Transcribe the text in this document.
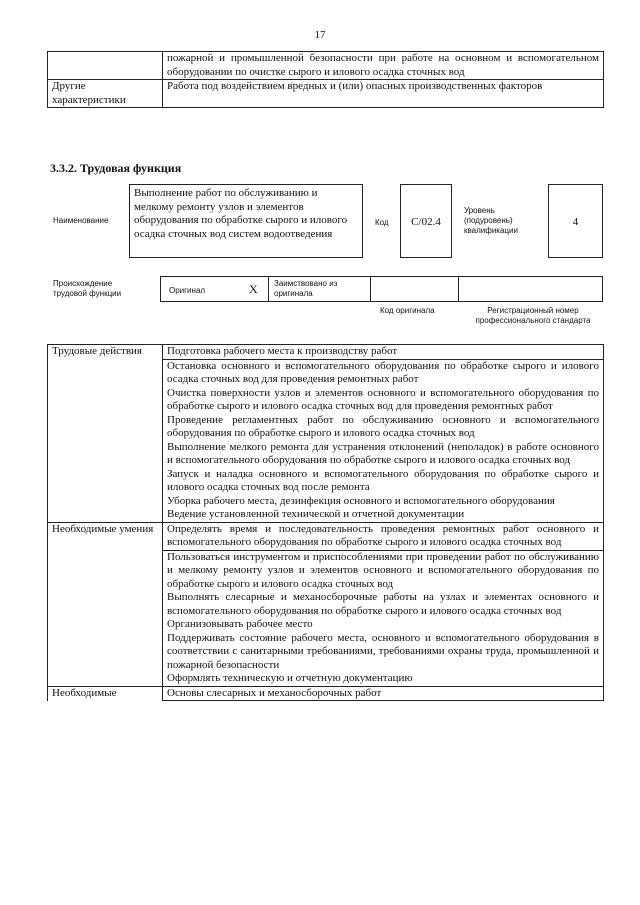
17
	пожарной и промышленной безопасности при работе на основном и вспомогательном оборудовании по очистке сырого и илового осадка сточных вод
Другие характеристики	Работа под воздействием вредных и (или) опасных производственных факторов
3.3.2. Трудовая функция
Наименование
Выполнение работ по обслуживанию и мелкому ремонту узлов и элементов оборудования по обработке сырого и илового осадка сточных вод систем водоотведения
Код	С/02.4
Уровень (подуровень) квалификации
4
Происхождение трудовой функции	Оригинал	X Заимствовано из оригинала
Код оригинала	Регистрационный номер профессионального стандарта
Трудовые действия	Подготовка рабочего места к производству работ
	Остановка основного и вспомогательного оборудования по обработке сырого и илового осадка сточных вод для проведения ремонтных работ
	Очистка поверхности узлов и элементов основного и вспомогательного оборудования по обработке сырого и илового осадка сточных вод для проведения ремонтных работ
	Проведение регламентных работ по обслуживанию основного и вспомогательного оборудования по обработке сырого и илового осадка сточных вод
	Выполнение мелкого ремонта для устранения отклонений (неполадок) в работе основного и вспомогательного оборудования по обработке сырого и илового осадка сточных вод
	Запуск и наладка основного и вспомогательного оборудования по обработке сырого и илового осадка сточных вод после ремонта
	Уборка рабочего места, дезинфекция основного и вспомогательного оборудования
	Ведение установленной технической и отчетной документации
Необходимые умения	Определять время и последовательность проведения ремонтных работ основного и вспомогательного оборудования по обработке сырого и илового осадка сточных вод
	Пользоваться инструментом и приспособлениями при проведении работ по обслуживанию и мелкому ремонту узлов и элементов основного и вспомогательного оборудования по обработке сырого и илового осадка сточных вод
	Выполнять слесарные и механосборочные работы на узлах и элементах основного и вспомогательного оборудования по обработке сырого и илового осадка сточных вод
	Организовывать рабочее место
	Поддерживать состояние рабочего места, основного и вспомогательного оборудования в соответствии с санитарными требованиями, требованиями охраны труда, промышленной и пожарной безопасности
	Оформлять техническую и отчетную документацию
Необходимые	Основы слесарных и механосборочных работ
